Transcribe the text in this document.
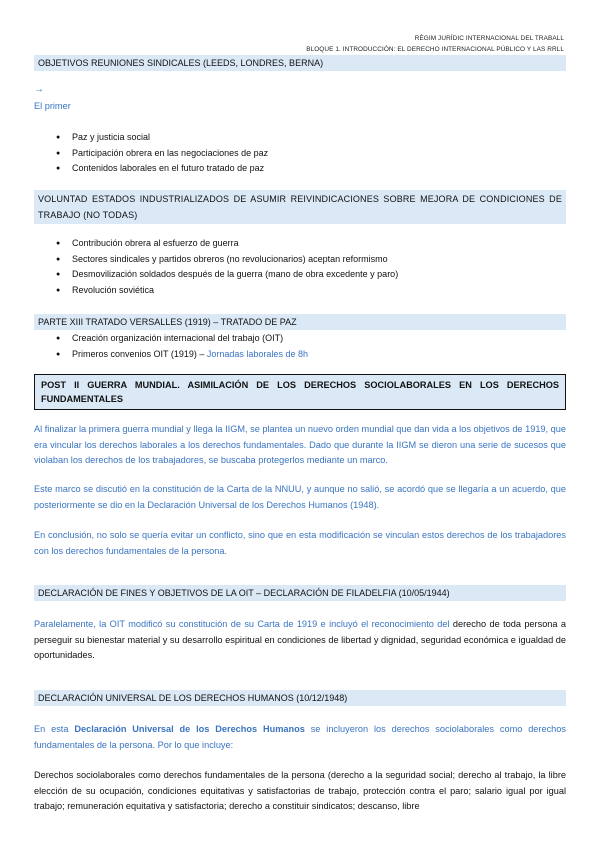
RÈGIM JURÍDIC INTERNACIONAL DEL TRABALL
BLOQUE 1. INTRODUCCIÓN: EL DERECHO INTERNACIONAL PÚBLICO Y LAS RRLL
OBJETIVOS REUNIONES SINDICALES (LEEDS, LONDRES, BERNA)
→
El primer
● Paz y justicia social
● Participación obrera en las negociaciones de paz
● Contenidos laborales en el futuro tratado de paz
VOLUNTAD ESTADOS INDUSTRIALIZADOS DE ASUMIR REIVINDICACIONES SOBRE MEJORA DE CONDICIONES DE TRABAJO (NO TODAS)
● Contribución obrera al esfuerzo de guerra
● Sectores sindicales y partidos obreros (no revolucionarios) aceptan reformismo
● Desmovilización soldados después de la guerra (mano de obra excedente y paro)
● Revolución soviética
PARTE XIII TRATADO VERSALLES (1919) – TRATADO DE PAZ
● Creación organización internacional del trabajo (OIT)
● Primeros convenios OIT (1919) – Jornadas laborales de 8h
POST II GUERRA MUNDIAL. ASIMILACIÓN DE LOS DERECHOS SOCIOLABORALES EN LOS DERECHOS FUNDAMENTALES
Al finalizar la primera guerra mundial y llega la IIGM, se plantea un nuevo orden mundial que dan vida a los objetivos de 1919, que era vincular los derechos laborales a los derechos fundamentales. Dado que durante la IIGM se dieron una serie de sucesos que violaban los derechos de los trabajadores, se buscaba protegerlos mediante un marco.
Este marco se discutió en la constitución de la Carta de la NNUU, y aunque no salió, se acordó que se llegaría a un acuerdo, que posteriormente se dio en la Declaración Universal de los Derechos Humanos (1948).
En conclusión, no solo se quería evitar un conflicto, sino que en esta modificación se vinculan estos derechos de los trabajadores con los derechos fundamentales de la persona.
DECLARACIÓN DE FINES Y OBJETIVOS DE LA OIT – DECLARACIÓN DE FILADELFIA (10/05/1944)
Paralelamente, la OIT modificó su constitución de su Carta de 1919 e incluyó el reconocimiento del derecho de toda persona a perseguir su bienestar material y su desarrollo espiritual en condiciones de libertad y dignidad, seguridad económica e igualdad de oportunidades.
DECLARACIÓN UNIVERSAL DE LOS DERECHOS HUMANOS (10/12/1948)
En esta Declaración Universal de los Derechos Humanos se incluyeron los derechos sociolaborales como derechos fundamentales de la persona. Por lo que incluye:
Derechos sociolaborales como derechos fundamentales de la persona (derecho a la seguridad social; derecho al trabajo, la libre elección de su ocupación, condiciones equitativas y satisfactorias de trabajo, protección contra el paro; salario igual por igual trabajo; remuneración equitativa y satisfactoria; derecho a constituir sindicatos; descanso, libre
